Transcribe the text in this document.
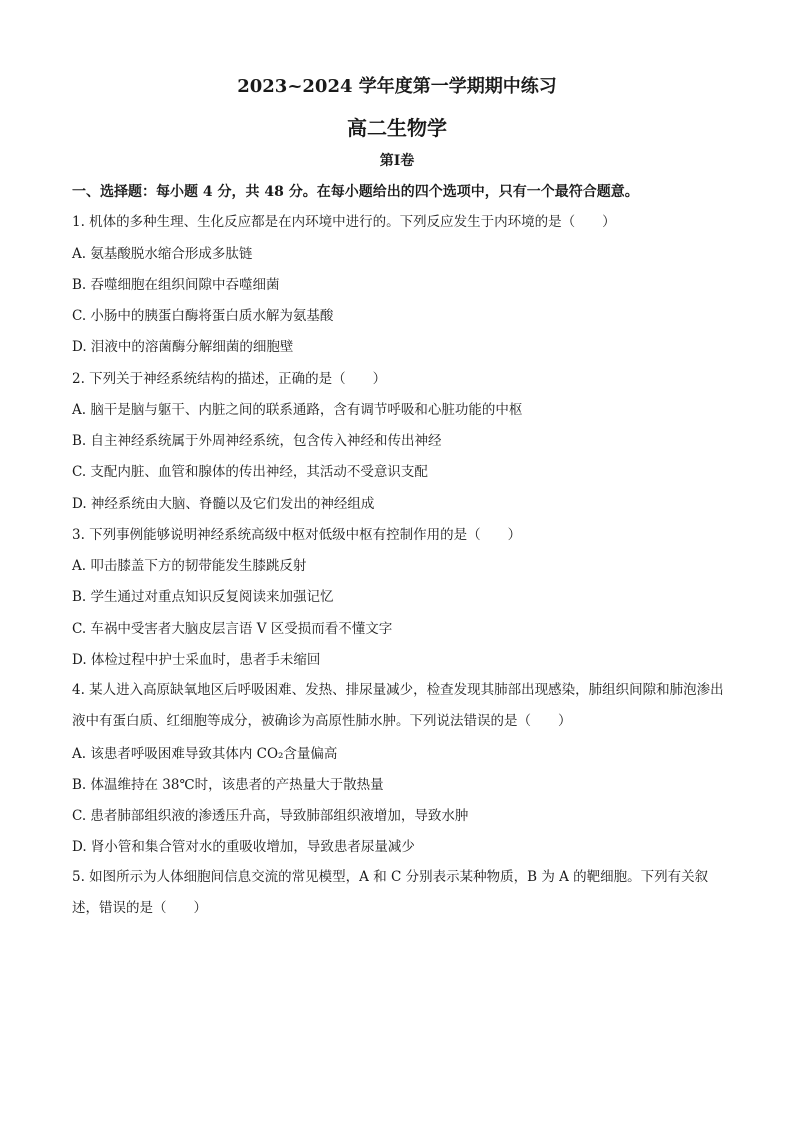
2023~2024 学年度第一学期期中练习
高二生物学
第Ⅰ卷
一、选择题：每小题 4 分，共 48 分。在每小题给出的四个选项中，只有一个最符合题意。
1. 机体的多种生理、生化反应都是在内环境中进行的。下列反应发生于内环境的是（　　）
A. 氨基酸脱水缩合形成多肽链
B. 吞噬细胞在组织间隙中吞噬细菌
C. 小肠中的胰蛋白酶将蛋白质水解为氨基酸
D. 泪液中的溶菌酶分解细菌的细胞壁
2. 下列关于神经系统结构的描述，正确的是（　　）
A. 脑干是脑与躯干、内脏之间的联系通路，含有调节呼吸和心脏功能的中枢
B. 自主神经系统属于外周神经系统，包含传入神经和传出神经
C. 支配内脏、血管和腺体的传出神经，其活动不受意识支配
D. 神经系统由大脑、脊髓以及它们发出的神经组成
3. 下列事例能够说明神经系统高级中枢对低级中枢有控制作用的是（　　）
A. 叩击膝盖下方的韧带能发生膝跳反射
B. 学生通过对重点知识反复阅读来加强记忆
C. 车祸中受害者大脑皮层言语 V 区受损而看不懂文字
D. 体检过程中护士采血时，患者手未缩回
4. 某人进入高原缺氧地区后呼吸困难、发热、排尿量减少，检查发现其肺部出现感染，肺组织间隙和肺泡渗出液中有蛋白质、红细胞等成分，被确诊为高原性肺水肿。下列说法错误的是（　　）
A. 该患者呼吸困难导致其体内 CO₂含量偏高
B. 体温维持在 38℃时，该患者的产热量大于散热量
C. 患者肺部组织液的渗透压升高，导致肺部组织液增加，导致水肿
D. 肾小管和集合管对水的重吸收增加，导致患者尿量减少
5. 如图所示为人体细胞间信息交流的常见模型，A 和 C 分别表示某种物质，B 为 A 的靶细胞。下列有关叙述，错误的是（　　）
